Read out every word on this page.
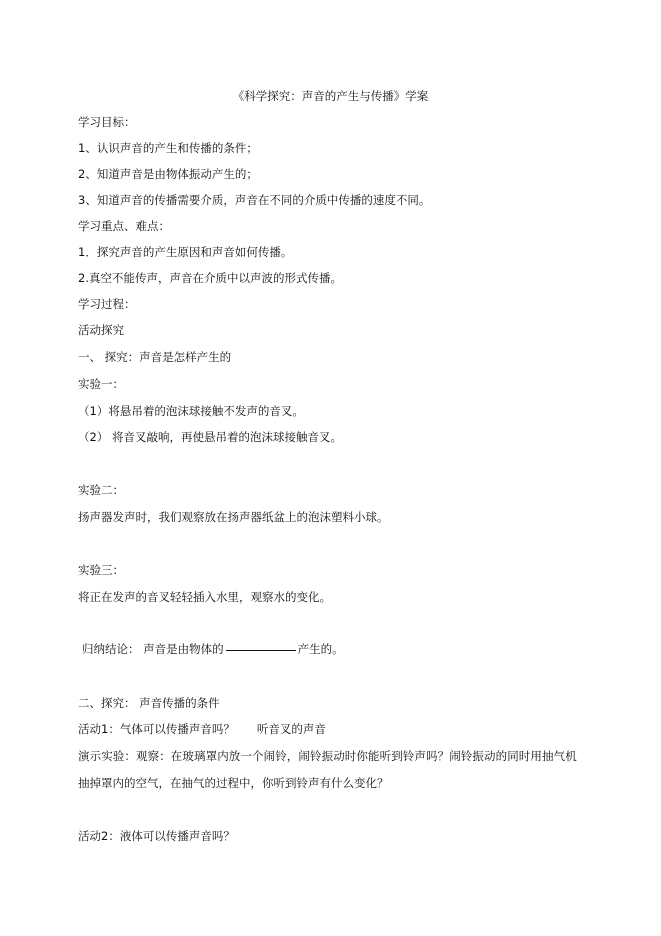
《科学探究：声音的产生与传播》学案
学习目标：
1、认识声音的产生和传播的条件；
2、知道声音是由物体振动产生的；
3、知道声音的传播需要介质，声音在不同的介质中传播的速度不同。
学习重点、难点：
1．探究声音的产生原因和声音如何传播。
2.真空不能传声，声音在介质中以声波的形式传播。
学习过程：
活动探究
一、 探究：声音是怎样产生的
实验一：
（1）将悬吊着的泡沫球接触不发声的音叉。
（2） 将音叉敲响，再使悬吊着的泡沫球接触音叉。
实验二：
扬声器发声时，我们观察放在扬声器纸盆上的泡沫塑料小球。
实验三：
将正在发声的音叉轻轻插入水里，观察水的变化。
归纳结论： 声音是由物体的	产生的。
二、探究： 声音传播的条件
活动1：气体可以传播声音吗？ 听音叉的声音
演示实验：观察：在玻璃罩内放一个闹铃，闹铃振动时你能听到铃声吗？闹铃振动的同时用抽气机
抽掉罩内的空气，在抽气的过程中，你听到铃声有什么变化？
活动2：液体可以传播声音吗？
